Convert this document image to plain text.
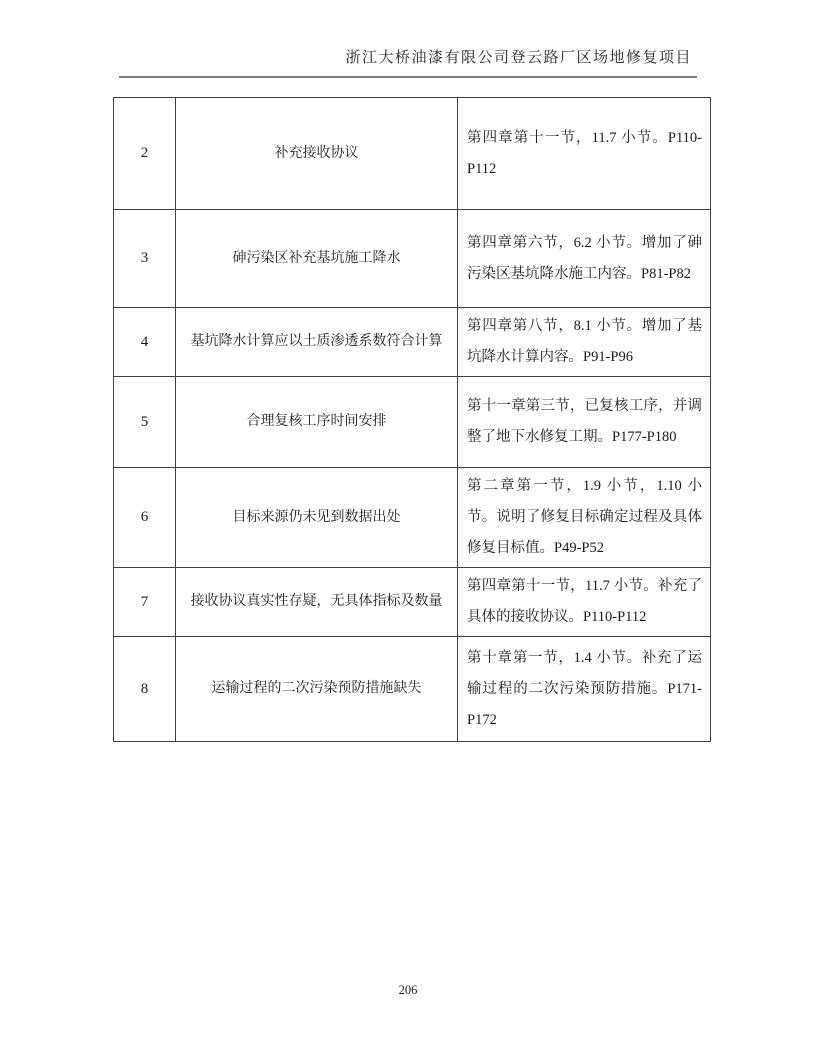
浙江大桥油漆有限公司登云路厂区场地修复项目
2	补充接收协议	第四章第十一节，11.7 小节。P110-P112
3	砷污染区补充基坑施工降水	第四章第六节，6.2 小节。增加了砷污染区基坑降水施工内容。P81-P82
4	基坑降水计算应以土质渗透系数符合计算	第四章第八节，8.1 小节。增加了基坑降水计算内容。P91-P96
5	合理复核工序时间安排	第十一章第三节，已复核工序，并调整了地下水修复工期。P177-P180
6	目标来源仍未见到数据出处	第二章第一节，1.9 小节，1.10 小节。说明了修复目标确定过程及具体修复目标值。P49-P52
7	接收协议真实性存疑，无具体指标及数量	第四章第十一节，11.7 小节。补充了具体的接收协议。P110-P112
8	运输过程的二次污染预防措施缺失	第十章第一节，1.4 小节。补充了运输过程的二次污染预防措施。P171-P172
206
